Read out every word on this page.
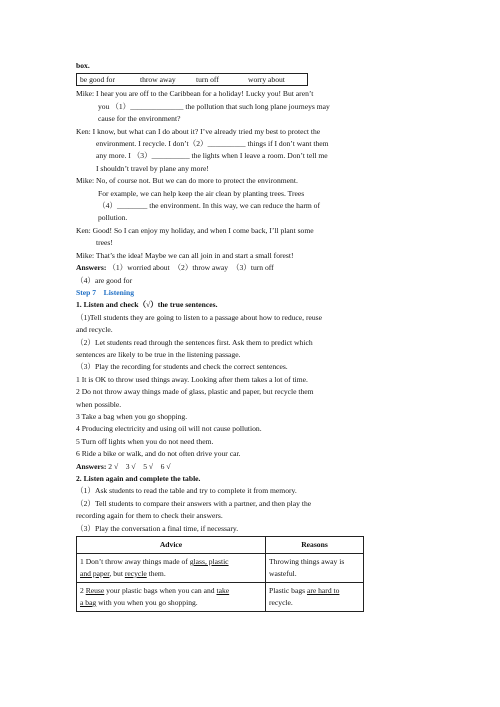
box.
be good for	throw away	turn off	worry about
Mike: I hear you are off to the Caribbean for a holiday! Lucky you! But aren’t
you （1）______________ the pollution that such long plane journeys may
cause for the environment?
Ken: I know, but what can I do about it? I’ve already tried my best to protect the
environment. I recycle. I don’t（2）__________ things if I don’t want them
any more. I （3）__________ the lights when I leave a room. Don’t tell me
I shouldn’t travel by plane any more!
Mike: No, of course not. But we can do more to protect the environment.
For example, we can help keep the air clean by planting trees. Trees
（4）________ the environment. In this way, we can reduce the harm of
pollution.
Ken: Good! So I can enjoy my holiday, and when I come back, I’ll plant some
trees!
Mike: That’s the idea! Maybe we can all join in and start a small forest!
Answers: （1）worried about　（2）throw away　（3）turn off
（4）are good for
Step 7　Listening
1. Listen and check（√）the true sentences.
（1)Tell students they are going to listen to a passage about how to reduce, reuse
and recycle.
（2）Let students read through the sentences first. Ask them to predict which
sentences are likely to be true in the listening passage.
（3）Play the recording for students and check the correct sentences.
1 It is OK to throw used things away. Looking after them takes a lot of time.
2 Do not throw away things made of glass, plastic and paper, but recycle them
when possible.
3 Take a bag when you go shopping.
4 Producing electricity and using oil will not cause pollution.
5 Turn off lights when you do not need them.
6 Ride a bike or walk, and do not often drive your car.
Answers: 2 √　3 √　5 √　6 √
2. Listen again and complete the table.
（1）Ask students to read the table and try to complete it from memory.
（2）Tell students to compare their answers with a partner, and then play the
recording again for them to check their answers.
（3）Play the conversation a final time, if necessary.
Advice	Reasons
1 Don’t throw away things made of glass, plastic
and paper, but recycle them.	Throwing things away is wasteful.
2 Reuse your plastic bags when you can and take
a bag with you when you go shopping.	Plastic bags are hard to
recycle.
